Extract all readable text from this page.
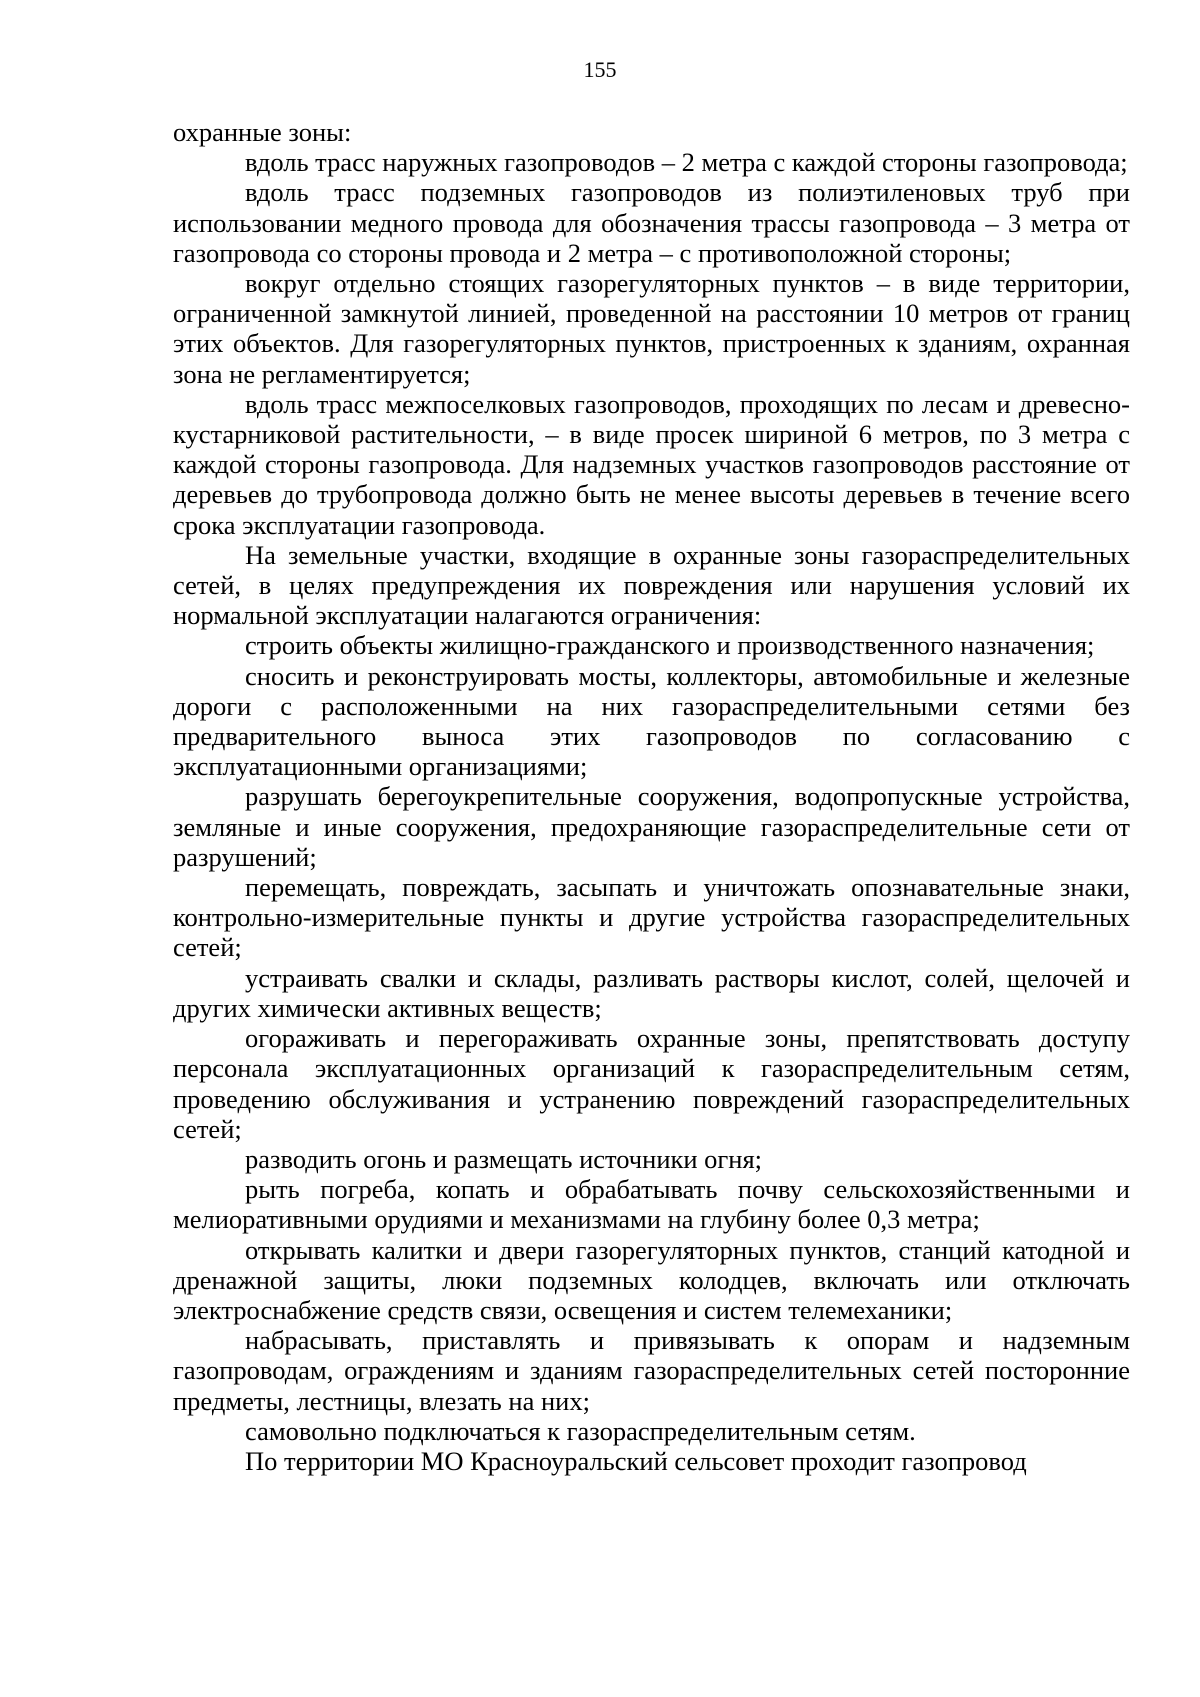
155

охранные зоны:

вдоль трасс наружных газопроводов – 2 метра с каждой стороны газопровода;

вдоль трасс подземных газопроводов из полиэтиленовых труб при использовании медного провода для обозначения трассы газопровода – 3 метра от газопровода со стороны провода и 2 метра – с противоположной стороны;

вокруг отдельно стоящих газорегуляторных пунктов – в виде территории, ограниченной замкнутой линией, проведенной на расстоянии 10 метров от границ этих объектов. Для газорегуляторных пунктов, пристроенных к зданиям, охранная зона не регламентируется;

вдоль трасс межпоселковых газопроводов, проходящих по лесам и древесно- кустарниковой растительности, – в виде просек шириной 6 метров, по 3 метра с каждой стороны газопровода. Для надземных участков газопроводов расстояние от деревьев до трубопровода должно быть не менее высоты деревьев в течение всего срока эксплуатации газопровода.

На земельные участки, входящие в охранные зоны газораспределительных сетей, в целях предупреждения их повреждения или нарушения условий их нормальной эксплуатации налагаются ограничения:

строить объекты жилищно-гражданского и производственного назначения;

сносить и реконструировать мосты, коллекторы, автомобильные и железные дороги с расположенными на них газораспределительными сетями без предварительного выноса этих газопроводов по согласованию с эксплуатационными организациями;

разрушать берегоукрепительные сооружения, водопропускные устройства, земляные и иные сооружения, предохраняющие газораспределительные сети от разрушений;

перемещать, повреждать, засыпать и уничтожать опознавательные знаки, контрольно-измерительные пункты и другие устройства газораспределительных сетей;

устраивать свалки и склады, разливать растворы кислот, солей, щелочей и других химически активных веществ;

огораживать и перегораживать охранные зоны, препятствовать доступу персонала эксплуатационных организаций к газораспределительным сетям, проведению обслуживания и устранению повреждений газораспределительных сетей;

разводить огонь и размещать источники огня;

рыть погреба, копать и обрабатывать почву сельскохозяйственными и мелиоративными орудиями и механизмами на глубину более 0,3 метра;

открывать калитки и двери газорегуляторных пунктов, станций катодной и дренажной защиты, люки подземных колодцев, включать или отключать электроснабжение средств связи, освещения и систем телемеханики;

набрасывать, приставлять и привязывать к опорам и надземным газопроводам, ограждениям и зданиям газораспределительных сетей посторонние предметы, лестницы, влезать на них;

самовольно подключаться к газораспределительным сетям.

По территории МО Красноуральский сельсовет проходит газопровод
